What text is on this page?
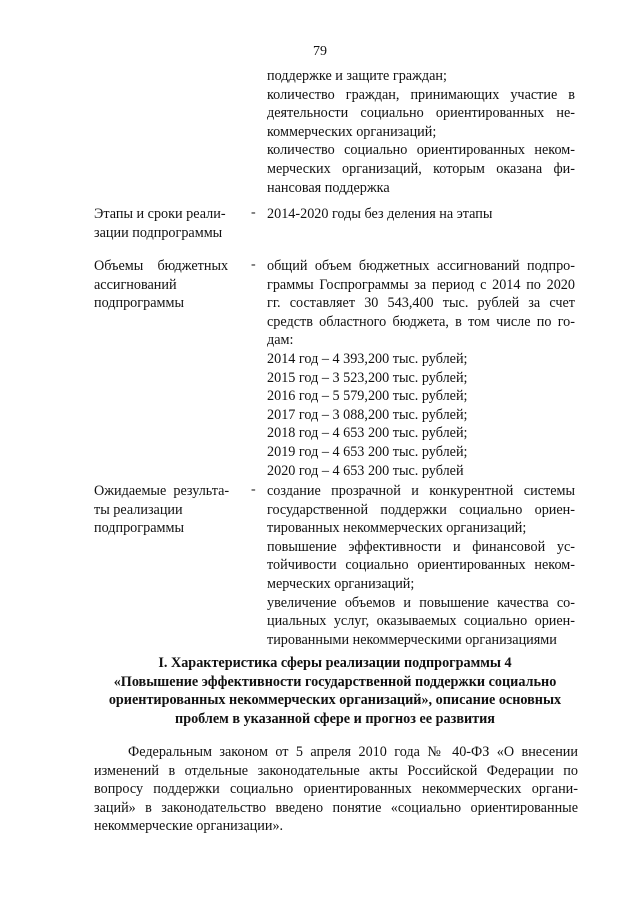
79
поддержке и защите граждан;
количество граждан, принимающих участие в
деятельности социально ориентированных не-
коммерческих организаций;
количество социально ориентированных неком-
мерческих организаций, которым оказана фи-
нансовая поддержка
Этапы и сроки реали-
зации подпрограммы
- 2014-2020 годы без деления на этапы
Объемы    бюджетных
ассигнований
подпрограммы
- общий объем бюджетных ассигнований подпро-
граммы Госпрограммы за период с 2014 по 2020
гг. составляет 30 543,400 тыс. рублей за счет
средств областного бюджета, в том числе по го-
дам:
2014 год – 4 393,200 тыс. рублей;
2015 год – 3 523,200 тыс. рублей;
2016 год – 5 579,200 тыс. рублей;
2017 год – 3 088,200 тыс. рублей;
2018 год – 4 653 200 тыс. рублей;
2019 год – 4 653 200 тыс. рублей;
2020 год – 4 653 200 тыс. рублей
Ожидаемые  результа-
ты реализации
подпрограммы
- создание прозрачной и конкурентной системы
государственной поддержки социально ориен-
тированных некоммерческих организаций;
повышение эффективности и финансовой ус-
тойчивости социально ориентированных неком-
мерческих организаций;
увеличение объемов и повышение качества со-
циальных услуг, оказываемых социально ориен-
тированными некоммерческими организациями
I. Характеристика сферы реализации подпрограммы 4
«Повышение эффективности государственной поддержки социально
ориентированных некоммерческих организаций», описание основных
проблем в указанной сфере и прогноз ее развития
Федеральным законом от 5 апреля 2010 года № 40-ФЗ «О внесении
изменений в отдельные законодательные акты Российской Федерации по
вопросу поддержки социально ориентированных некоммерческих органи-
заций» в законодательство введено понятие «социально ориентированные
некоммерческие организации».
